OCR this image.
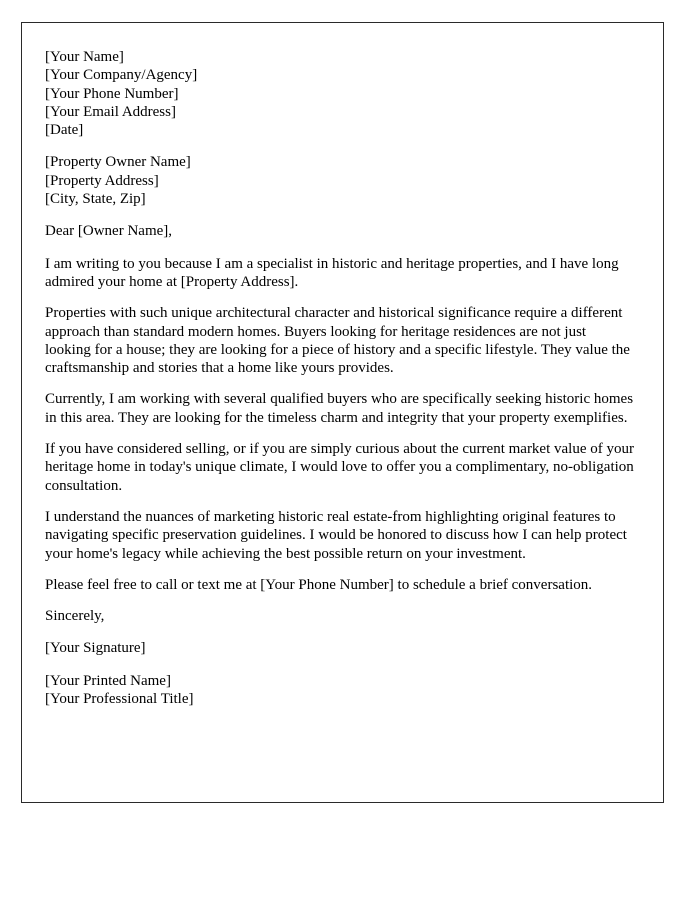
[Your Name]
[Your Company/Agency]
[Your Phone Number]
[Your Email Address]
[Date]
[Property Owner Name]
[Property Address]
[City, State, Zip]
Dear [Owner Name],

I am writing to you because I am a specialist in historic and heritage properties, and I have long admired your home at [Property Address].

Properties with such unique architectural character and historical significance require a different approach than standard modern homes. Buyers looking for heritage residences are not just looking for a house; they are looking for a piece of history and a specific lifestyle. They value the craftsmanship and stories that a home like yours provides.

Currently, I am working with several qualified buyers who are specifically seeking historic homes in this area. They are looking for the timeless charm and integrity that your property exemplifies.

If you have considered selling, or if you are simply curious about the current market value of your heritage home in today's unique climate, I would love to offer you a complimentary, no-obligation consultation.

I understand the nuances of marketing historic real estate-from highlighting original features to navigating specific preservation guidelines. I would be honored to discuss how I can help protect your home's legacy while achieving the best possible return on your investment.

Please feel free to call or text me at [Your Phone Number] to schedule a brief conversation.

Sincerely,
[Your Signature]
[Your Printed Name]
[Your Professional Title]
